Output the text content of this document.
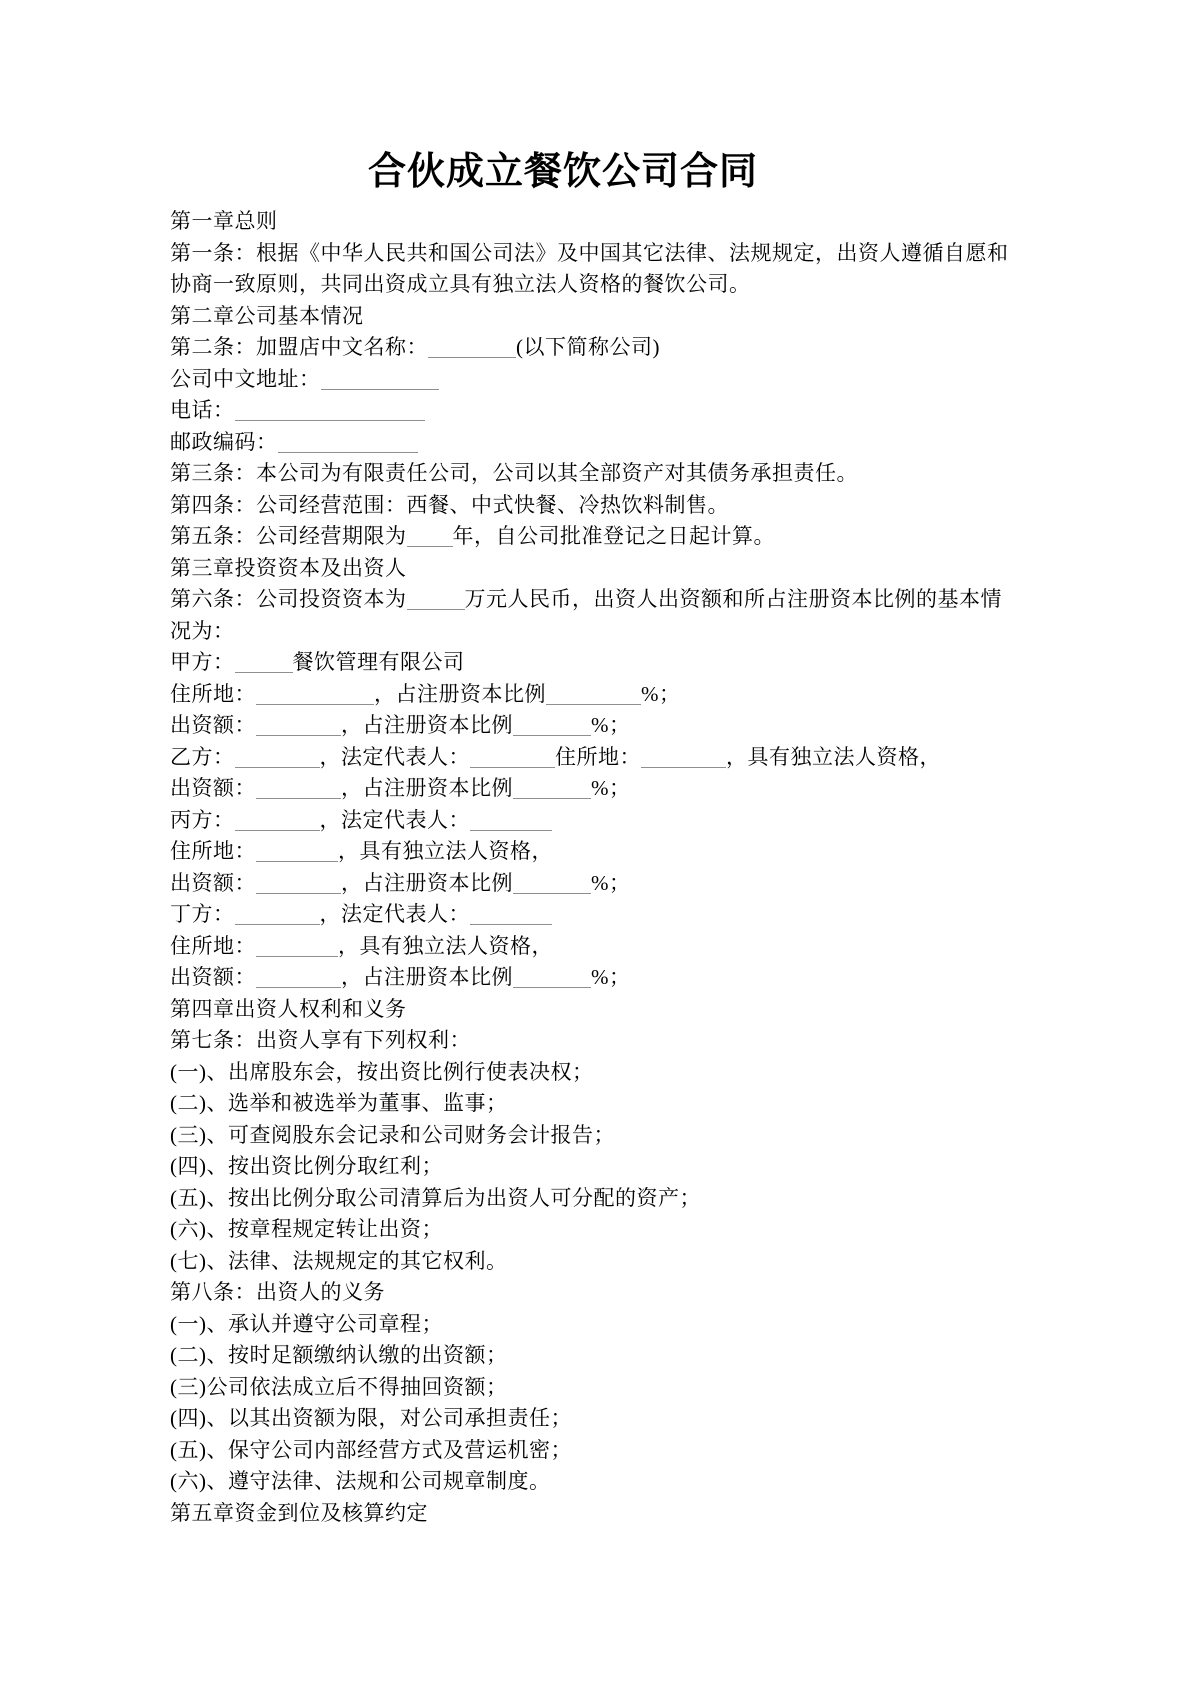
合伙成立餐饮公司合同

第一章总则

第一条：根据《中华人民共和国公司法》及中国其它法律、法规规定，出资人遵循自愿和

协商一致原则，共同出资成立具有独立法人资格的餐饮公司。

第二章公司基本情况

第二条：加盟店中文名称：	(以下简称公司)

公司中文地址：

电话：

邮政编码：

第三条：本公司为有限责任公司，公司以其全部资产对其债务承担责任。

第四条：公司经营范围：西餐、中式快餐、冷热饮料制售。

第五条：公司经营期限为 年，自公司批准登记之日起计算。

第三章投资资本及出资人

第六条：公司投资资本为	万元人民币，出资人出资额和所占注册资本比例的基本情

况为：

甲方：	餐饮管理有限公司

住所地：	，占注册资本比例	%；

出资额：	，占注册资本比例	%；

乙方：	，法定代表人：	住所地：	，具有独立法人资格，

出资额：	，占注册资本比例	%；

丙方：	，法定代表人：

住所地：	，具有独立法人资格，

出资额：	，占注册资本比例	%；

丁方：	，法定代表人：

住所地：	，具有独立法人资格，

出资额：	，占注册资本比例	%；

第四章出资人权利和义务

第七条：出资人享有下列权利：

(一)、出席股东会，按出资比例行使表决权；

(二)、选举和被选举为董事、监事；

(三)、可查阅股东会记录和公司财务会计报告；

(四)、按出资比例分取红利；

(五)、按出比例分取公司清算后为出资人可分配的资产；

(六)、按章程规定转让出资；

(七)、法律、法规规定的其它权利。

第八条：出资人的义务

(一)、承认并遵守公司章程；

(二)、按时足额缴纳认缴的出资额；

(三)公司依法成立后不得抽回资额；

(四)、以其出资额为限，对公司承担责任；

(五)、保守公司内部经营方式及营运机密；

(六)、遵守法律、法规和公司规章制度。

第五章资金到位及核算约定
